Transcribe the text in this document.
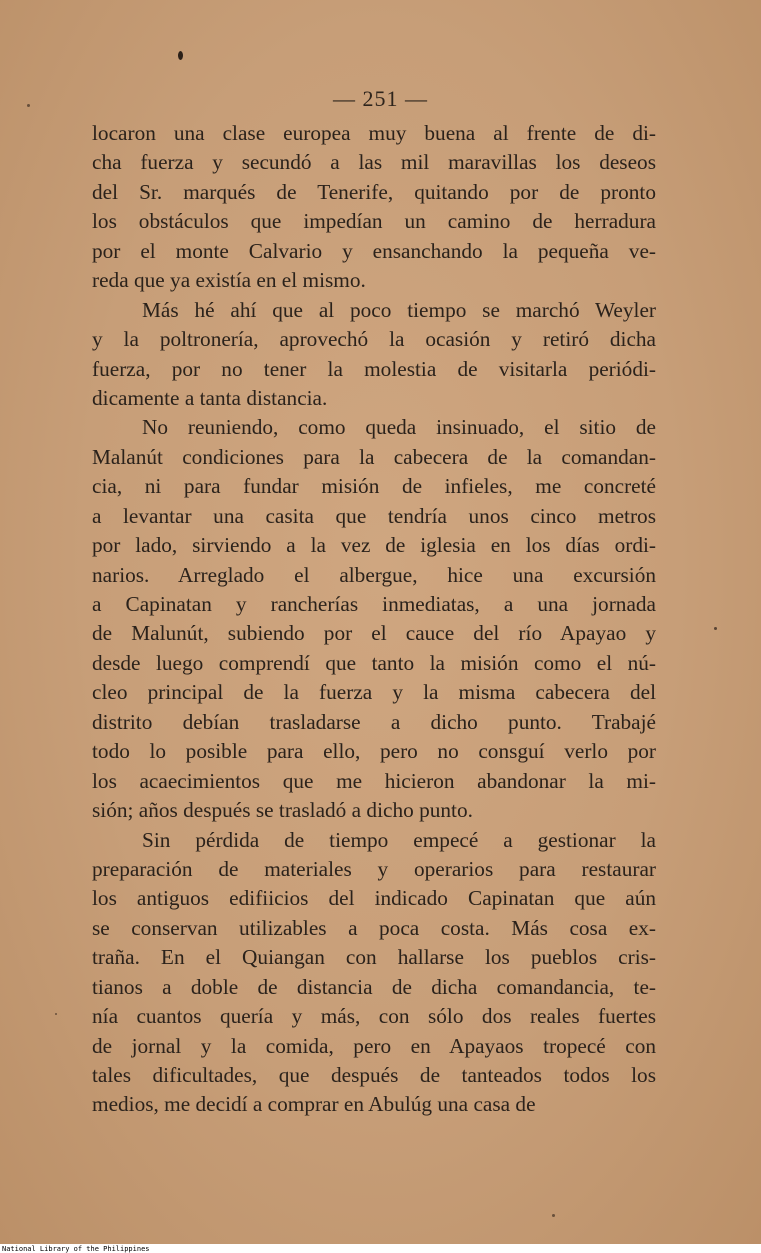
— 251 —
locaron una clase europea muy buena al frente de di-
cha fuerza y secundó a las mil maravillas los deseos
del Sr. marqués de Tenerife, quitando por de pronto
los obstáculos que impedían un camino de herradura
por el monte Calvario y ensanchando la pequeña ve-
reda que ya existía en el mismo.
Más hé ahí que al poco tiempo se marchó Weyler
y la poltronería, aprovechó la ocasión y retiró dicha
fuerza, por no tener la molestia de visitarla periódi-
dicamente a tanta distancia.
No reuniendo, como queda insinuado, el sitio de
Malanút condiciones para la cabecera de la comandan-
cia, ni para fundar misión de infieles, me concreté
a levantar una casita que tendría unos cinco metros
por lado, sirviendo a la vez de iglesia en los días ordi-
narios. Arreglado el albergue, hice una excursión
a Capinatan y rancherías inmediatas, a una jornada
de Malunút, subiendo por el cauce del río Apayao y
desde luego comprendí que tanto la misión como el nú-
cleo principal de la fuerza y la misma cabecera del
distrito debían trasladarse a dicho punto. Trabajé
todo lo posible para ello, pero no consguí verlo por
los acaecimientos que me hicieron abandonar la mi-
sión; años después se trasladó a dicho punto.
Sin pérdida de tiempo empecé a gestionar la
preparación de materiales y operarios para restaurar
los antiguos edifiicios del indicado Capinatan que aún
se conservan utilizables a poca costa. Más cosa ex-
traña. En el Quiangan con hallarse los pueblos cris-
tianos a doble de distancia de dicha comandancia, te-
nía cuantos quería y más, con sólo dos reales fuertes
de jornal y la comida, pero en Apayaos tropecé con
tales dificultades, que después de tanteados todos los
medios, me decidí a comprar en Abulúg una casa de
National Library of the Philippines
